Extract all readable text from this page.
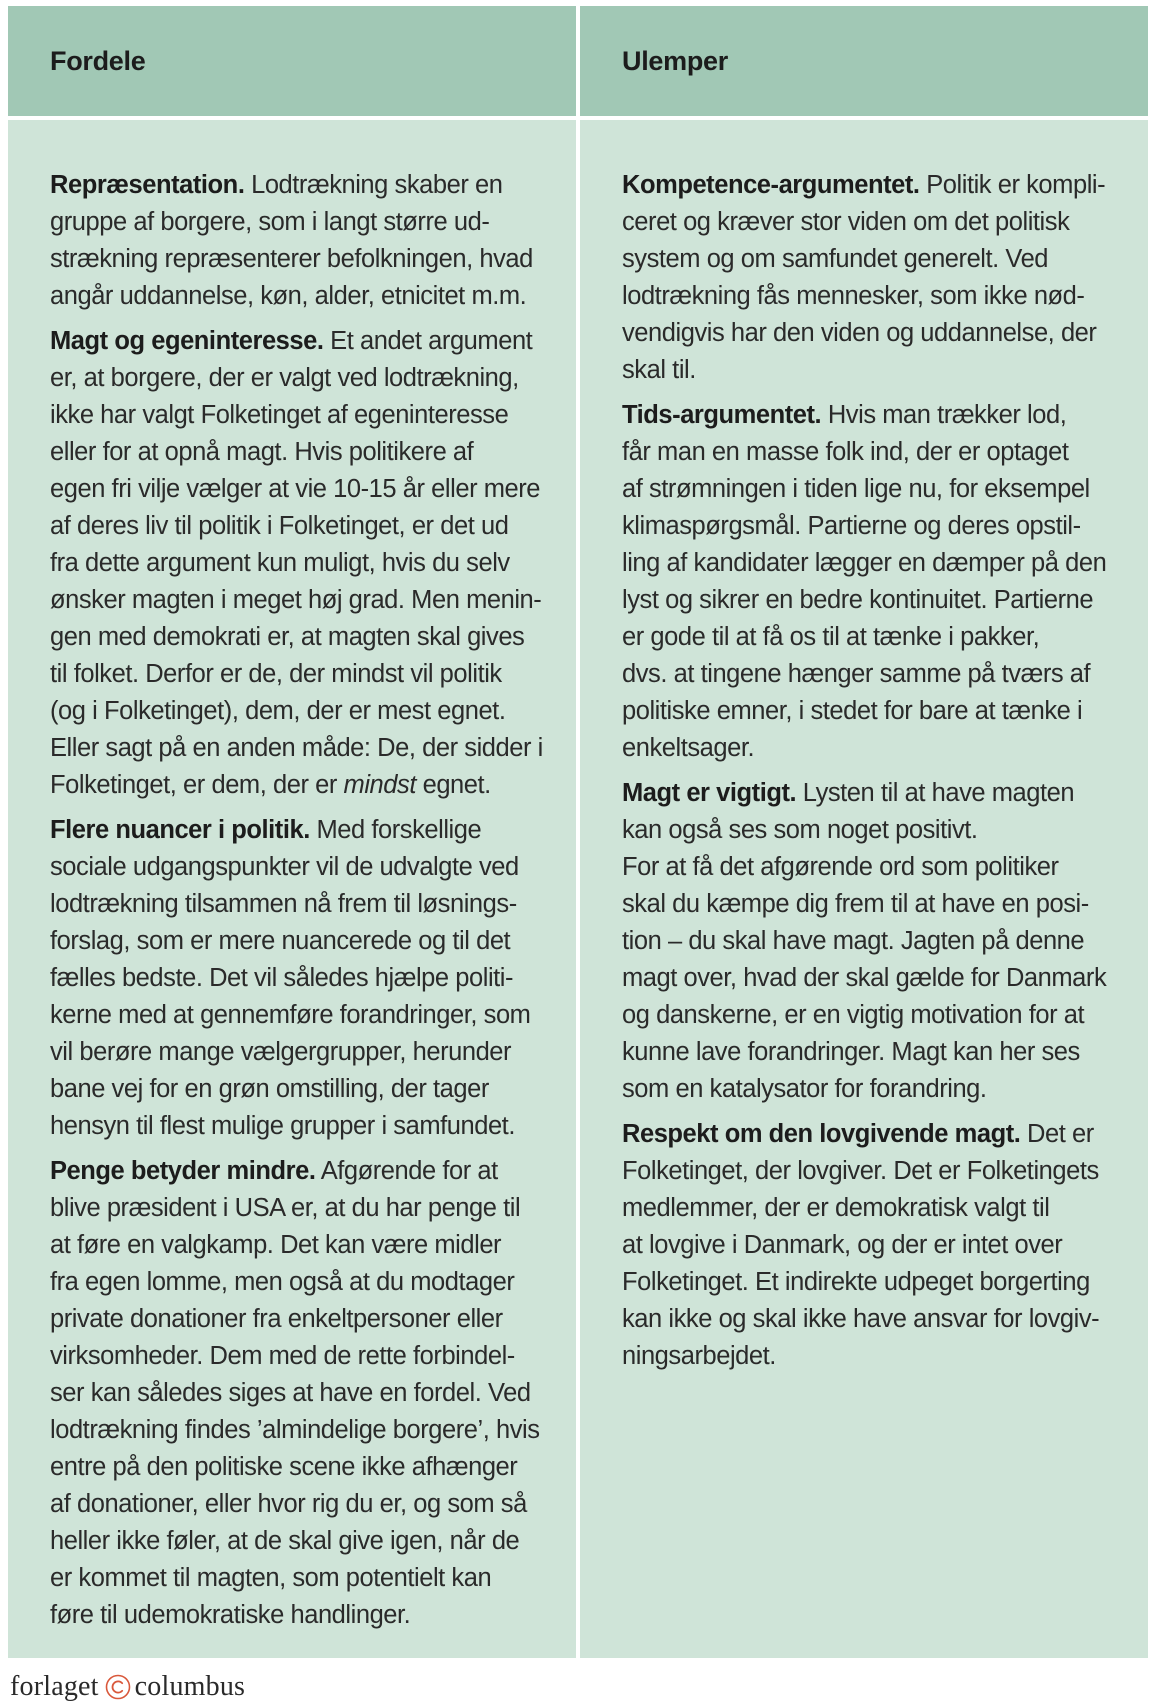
Fordele	Ulemper
Repræsentation. Lodtrækning skaber en
gruppe af borgere, som i langt større ud-
strækning repræsenterer befolkningen, hvad
angår uddannelse, køn, alder, etnicitet m.m.
Magt og egeninteresse. Et andet argument
er, at borgere, der er valgt ved lodtrækning,
ikke har valgt Folketinget af egeninteresse
eller for at opnå magt. Hvis politikere af
egen fri vilje vælger at vie 10-15 år eller mere
af deres liv til politik i Folketinget, er det ud
fra dette argument kun muligt, hvis du selv
ønsker magten i meget høj grad. Men menin-
gen med demokrati er, at magten skal gives
til folket. Derfor er de, der mindst vil politik
(og i Folketinget), dem, der er mest egnet.
Eller sagt på en anden måde: De, der sidder i
Folketinget, er dem, der er mindst egnet.
Flere nuancer i politik. Med forskellige
sociale udgangspunkter vil de udvalgte ved
lodtrækning tilsammen nå frem til løsnings-
forslag, som er mere nuancerede og til det
fælles bedste. Det vil således hjælpe politi-
kerne med at gennemføre forandringer, som
vil berøre mange vælgergrupper, herunder
bane vej for en grøn omstilling, der tager
hensyn til flest mulige grupper i samfundet.
Penge betyder mindre. Afgørende for at
blive præsident i USA er, at du har penge til
at føre en valgkamp. Det kan være midler
fra egen lomme, men også at du modtager
private donationer fra enkeltpersoner eller
virksomheder. Dem med de rette forbindel-
ser kan således siges at have en fordel. Ved
lodtrækning findes ’almindelige borgere’, hvis
entre på den politiske scene ikke afhænger
af donationer, eller hvor rig du er, og som så
heller ikke føler, at de skal give igen, når de
er kommet til magten, som potentielt kan
føre til udemokratiske handlinger.
Kompetence-argumentet. Politik er kompli-
ceret og kræver stor viden om det politisk
system og om samfundet generelt. Ved
lodtrækning fås mennesker, som ikke nød-
vendigvis har den viden og uddannelse, der
skal til.
Tids-argumentet. Hvis man trækker lod,
får man en masse folk ind, der er optaget
af strømningen i tiden lige nu, for eksempel
klimaspørgsmål. Partierne og deres opstil-
ling af kandidater lægger en dæmper på den
lyst og sikrer en bedre kontinuitet. Partierne
er gode til at få os til at tænke i pakker,
dvs. at tingene hænger samme på tværs af
politiske emner, i stedet for bare at tænke i
enkeltsager.
Magt er vigtigt. Lysten til at have magten
kan også ses som noget positivt.
For at få det afgørende ord som politiker
skal du kæmpe dig frem til at have en posi-
tion – du skal have magt. Jagten på denne
magt over, hvad der skal gælde for Danmark
og danskerne, er en vigtig motivation for at
kunne lave forandringer. Magt kan her ses
som en katalysator for forandring.
Respekt om den lovgivende magt. Det er
Folketinget, der lovgiver. Det er Folketingets
medlemmer, der er demokratisk valgt til
at lovgive i Danmark, og der er intet over
Folketinget. Et indirekte udpeget borgerting
kan ikke og skal ikke have ansvar for lovgiv-
ningsarbejdet.
forlaget columbus
